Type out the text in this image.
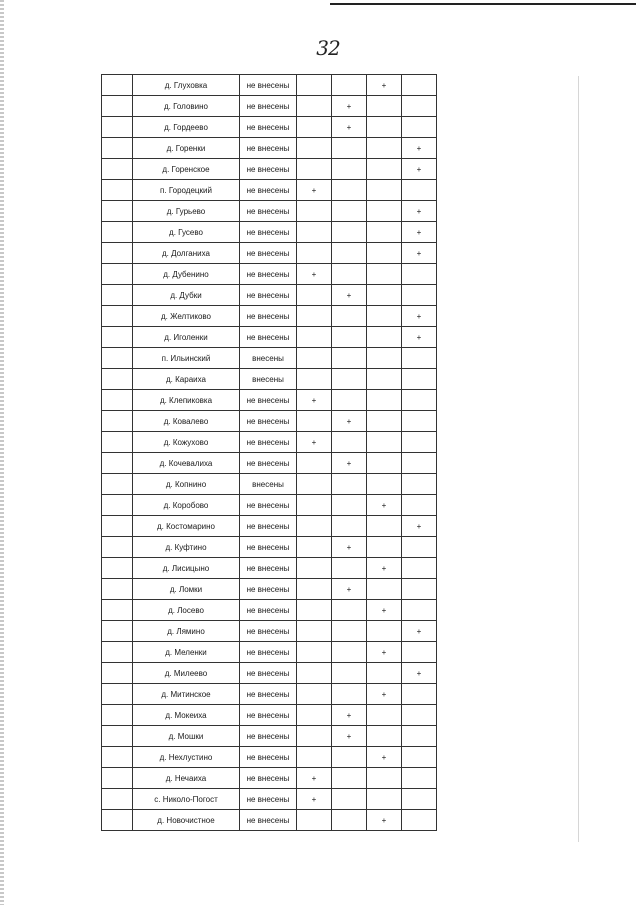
32
	д. Глуховка	не внесены			+	
	д. Головино	не внесены		+		
	д. Гордеево	не внесены		+		
	д. Горенки	не внесены				+
	д. Горенское	не внесены				+
	п. Городецкий	не внесены	+			
	д. Гурьево	не внесены				+
	д. Гусево	не внесены				+
	д. Долганиха	не внесены				+
	д. Дубенино	не внесены	+			
	д. Дубки	не внесены		+		
	д. Желтиково	не внесены				+
	д. Иголенки	не внесены				+
	п. Ильинский	внесены				
	д. Караиха	внесены				
	д. Клепиковка	не внесены	+			
	д. Ковалево	не внесены		+		
	д. Кожухово	не внесены	+			
	д. Кочевалиха	не внесены		+		
	д. Копнино	внесены				
	д. Коробово	не внесены			+	
	д. Костомарино	не внесены				+
	д. Куфтино	не внесены		+		
	д. Лисицыно	не внесены			+	
	д. Ломки	не внесены		+		
	д. Лосево	не внесены			+	
	д. Лямино	не внесены				+
	д. Меленки	не внесены			+	
	д. Милеево	не внесены				+
	д. Митинское	не внесены			+	
	д. Мокеиха	не внесены		+		
	д. Мошки	не внесены		+		
	д. Нехлустино	не внесены			+	
	д. Нечаиха	не внесены	+			
	с. Николо-Погост	не внесены	+			
	д. Новочистное	не внесены			+	
